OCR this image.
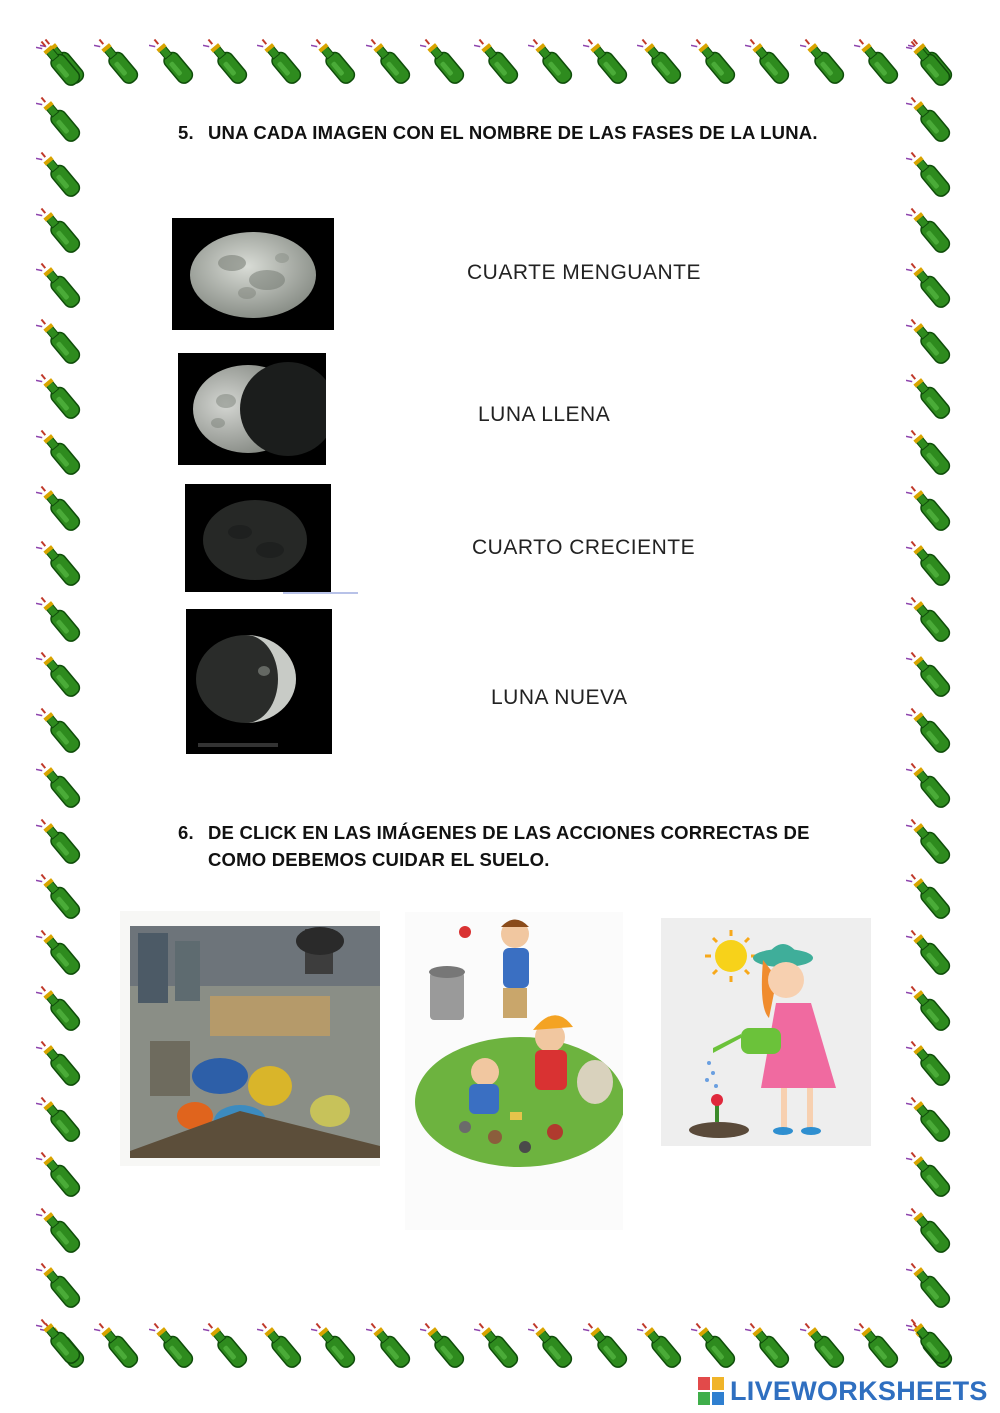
5. UNA CADA IMAGEN CON EL NOMBRE DE LAS FASES DE LA LUNA.
CUARTE MENGUANTE
LUNA LLENA
CUARTO CRECIENTE
LUNA NUEVA
6. DE CLICK EN LAS IMÁGENES DE LAS ACCIONES CORRECTAS DE
COMO DEBEMOS CUIDAR EL SUELO.
LIVEWORKSHEETS
